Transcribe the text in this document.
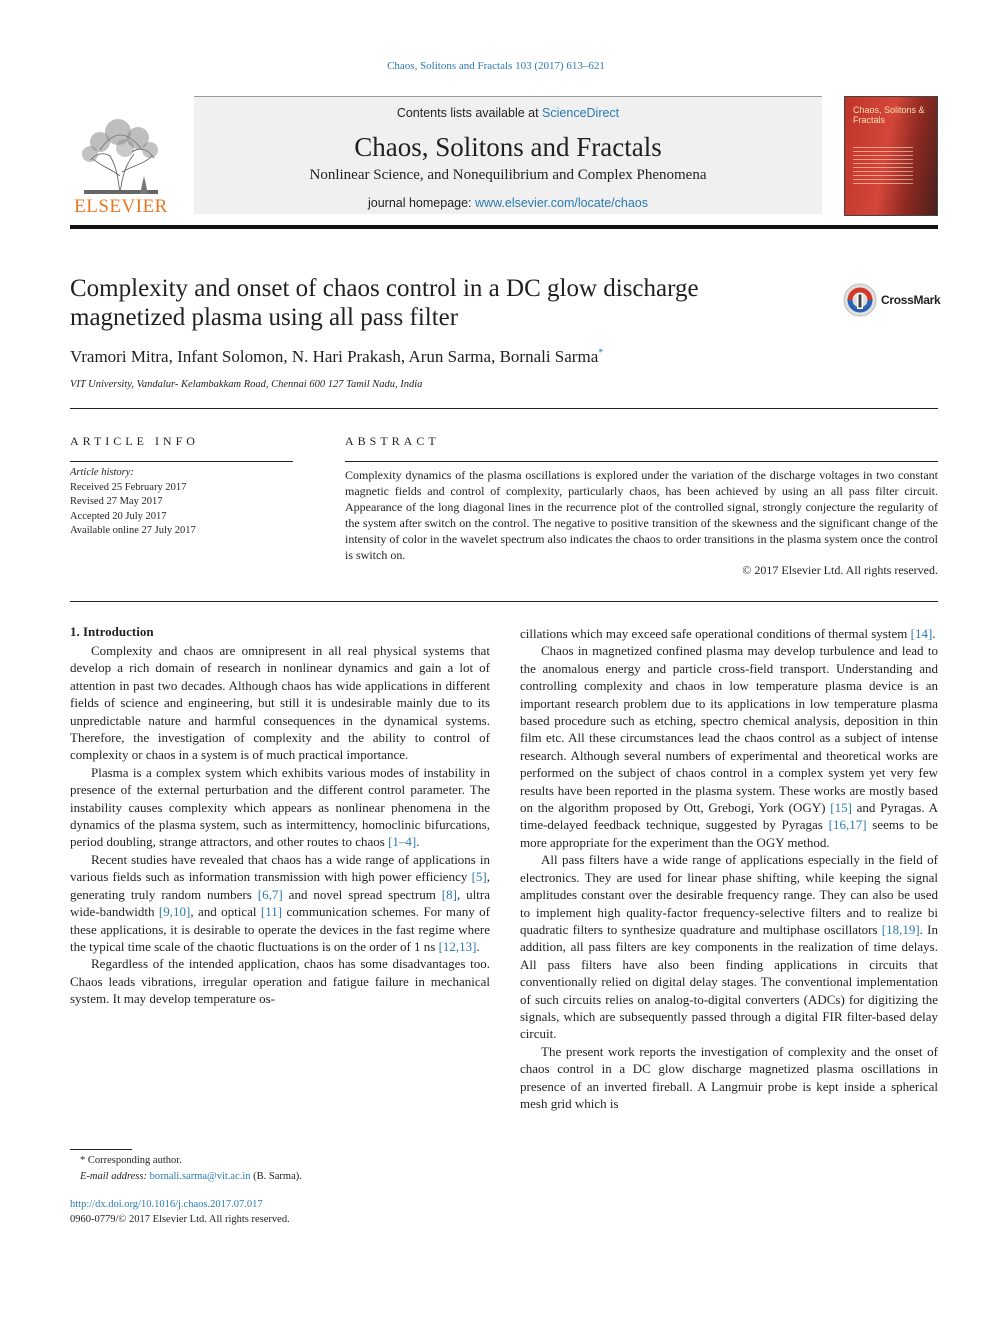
Chaos, Solitons and Fractals 103 (2017) 613–621
ELSEVIER
Contents lists available at ScienceDirect
Chaos, Solitons and Fractals
Nonlinear Science, and Nonequilibrium and Complex Phenomena
journal homepage: www.elsevier.com/locate/chaos
Chaos, Solitons & Fractals
Complexity and onset of chaos control in a DC glow discharge magnetized plasma using all pass filter
CrossMark
Vramori Mitra, Infant Solomon, N. Hari Prakash, Arun Sarma, Bornali Sarma*
VIT University, Vandalur- Kelambakkam Road, Chennai 600 127 Tamil Nadu, India
ARTICLE INFO
Article history:
Received 25 February 2017
Revised 27 May 2017
Accepted 20 July 2017
Available online 27 July 2017
ABSTRACT
Complexity dynamics of the plasma oscillations is explored under the variation of the discharge voltages in two constant magnetic fields and control of complexity, particularly chaos, has been achieved by using an all pass filter circuit. Appearance of the long diagonal lines in the recurrence plot of the controlled signal, strongly conjecture the regularity of the system after switch on the control. The negative to positive transition of the skewness and the significant change of the intensity of color in the wavelet spectrum also indicates the chaos to order transitions in the plasma system once the control is switch on.
© 2017 Elsevier Ltd. All rights reserved.
1. Introduction

Complexity and chaos are omnipresent in all real physical systems that develop a rich domain of research in nonlinear dynamics and gain a lot of attention in past two decades. Although chaos has wide applications in different fields of science and engineering, but still it is undesirable mainly due to its unpredictable nature and harmful consequences in the dynamical systems. Therefore, the investigation of complexity and the ability to control of complexity or chaos in a system is of much practical importance.

Plasma is a complex system which exhibits various modes of instability in presence of the external perturbation and the different control parameter. The instability causes complexity which appears as nonlinear phenomena in the dynamics of the plasma system, such as intermittency, homoclinic bifurcations, period doubling, strange attractors, and other routes to chaos [1–4].

Recent studies have revealed that chaos has a wide range of applications in various fields such as information transmission with high power efficiency [5], generating truly random numbers [6,7] and novel spread spectrum [8], ultra wide-bandwidth [9,10], and optical [11] communication schemes. For many of these applications, it is desirable to operate the devices in the fast regime where the typical time scale of the chaotic fluctuations is on the order of 1 ns [12,13].

Regardless of the intended application, chaos has some disadvantages too. Chaos leads vibrations, irregular operation and fatigue failure in mechanical system. It may develop temperature os-

* Corresponding author.
E-mail address: bornali.sarma@vit.ac.in (B. Sarma).
http://dx.doi.org/10.1016/j.chaos.2017.07.017
0960-0779/© 2017 Elsevier Ltd. All rights reserved.

cillations which may exceed safe operational conditions of thermal system [14].

Chaos in magnetized confined plasma may develop turbulence and lead to the anomalous energy and particle cross-field transport. Understanding and controlling complexity and chaos in low temperature plasma device is an important research problem due to its applications in low temperature plasma based procedure such as etching, spectro chemical analysis, deposition in thin film etc. All these circumstances lead the chaos control as a subject of intense research. Although several numbers of experimental and theoretical works are performed on the subject of chaos control in a complex system yet very few results have been reported in the plasma system. These works are mostly based on the algorithm proposed by Ott, Grebogi, York (OGY) [15] and Pyragas. A time-delayed feedback technique, suggested by Pyragas [16,17] seems to be more appropriate for the experiment than the OGY method.

All pass filters have a wide range of applications especially in the field of electronics. They are used for linear phase shifting, while keeping the signal amplitudes constant over the desirable frequency range. They can also be used to implement high quality-factor frequency-selective filters and to realize bi quadratic filters to synthesize quadrature and multiphase oscillators [18,19]. In addition, all pass filters are key components in the realization of time delays. All pass filters have also been finding applications in circuits that conventionally relied on digital delay stages. The conventional implementation of such circuits relies on analog-to-digital converters (ADCs) for digitizing the signals, which are subsequently passed through a digital FIR filter-based delay circuit.

The present work reports the investigation of complexity and the onset of chaos control in a DC glow discharge magnetized plasma oscillations in presence of an inverted fireball. A Langmuir probe is kept inside a spherical mesh grid which is
